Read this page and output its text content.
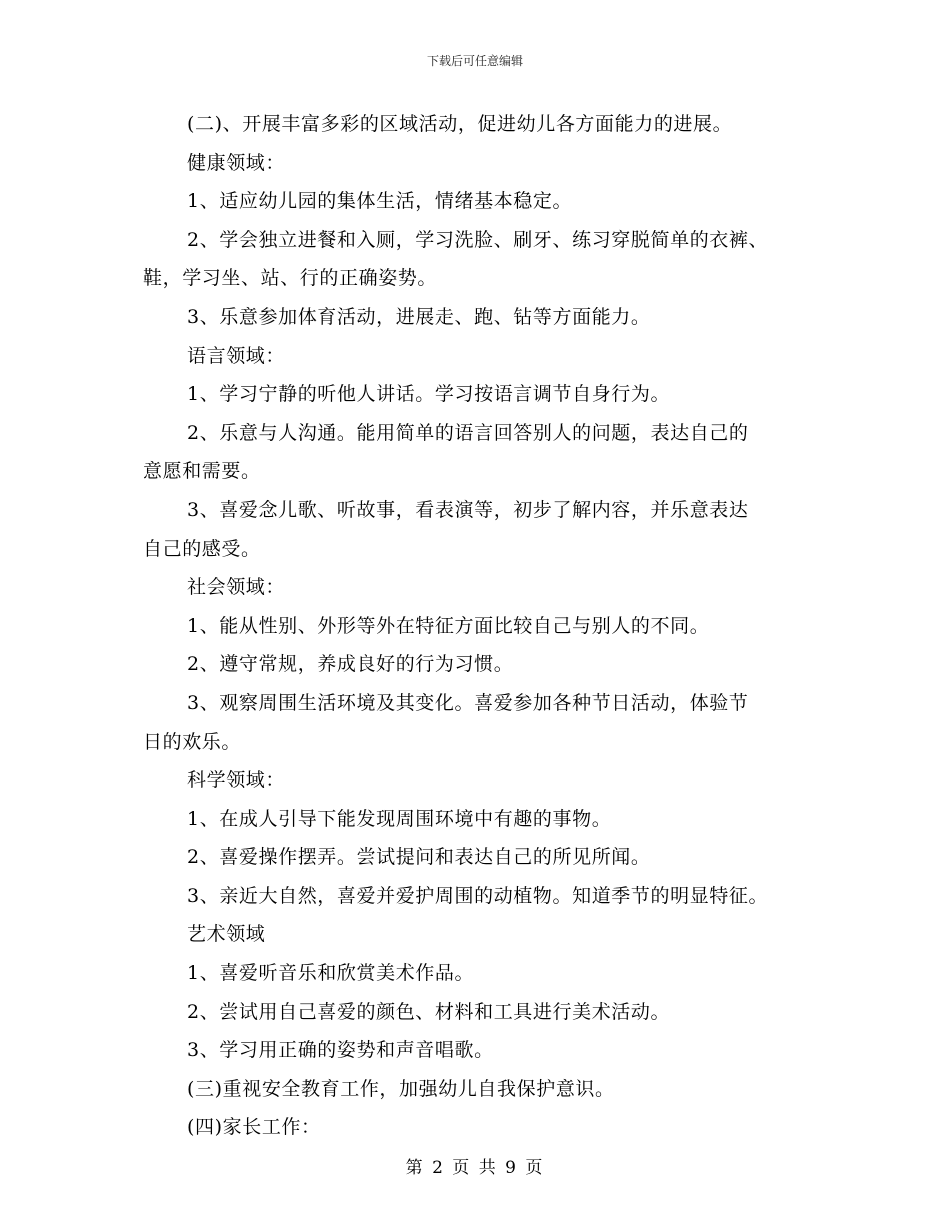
下载后可任意编辑
(二)、开展丰富多彩的区域活动，促进幼儿各方面能力的进展。
健康领域：
1、适应幼儿园的集体生活，情绪基本稳定。
2、学会独立进餐和入厕，学习洗脸、刷牙、练习穿脱简单的衣裤、
鞋，学习坐、站、行的正确姿势。
3、乐意参加体育活动，进展走、跑、钻等方面能力。
语言领域：
1、学习宁静的听他人讲话。学习按语言调节自身行为。
2、乐意与人沟通。能用简单的语言回答别人的问题，表达自己的
意愿和需要。
3、喜爱念儿歌、听故事，看表演等，初步了解内容，并乐意表达
自己的感受。
社会领域：
1、能从性别、外形等外在特征方面比较自己与别人的不同。
2、遵守常规，养成良好的行为习惯。
3、观察周围生活环境及其变化。喜爱参加各种节日活动，体验节
日的欢乐。
科学领域：
1、在成人引导下能发现周围环境中有趣的事物。
2、喜爱操作摆弄。尝试提问和表达自己的所见所闻。
3、亲近大自然，喜爱并爱护周围的动植物。知道季节的明显特征。
艺术领域
1、喜爱听音乐和欣赏美术作品。
2、尝试用自己喜爱的颜色、材料和工具进行美术活动。
3、学习用正确的姿势和声音唱歌。
(三)重视安全教育工作，加强幼儿自我保护意识。
(四)家长工作：
第 2 页 共 9 页
